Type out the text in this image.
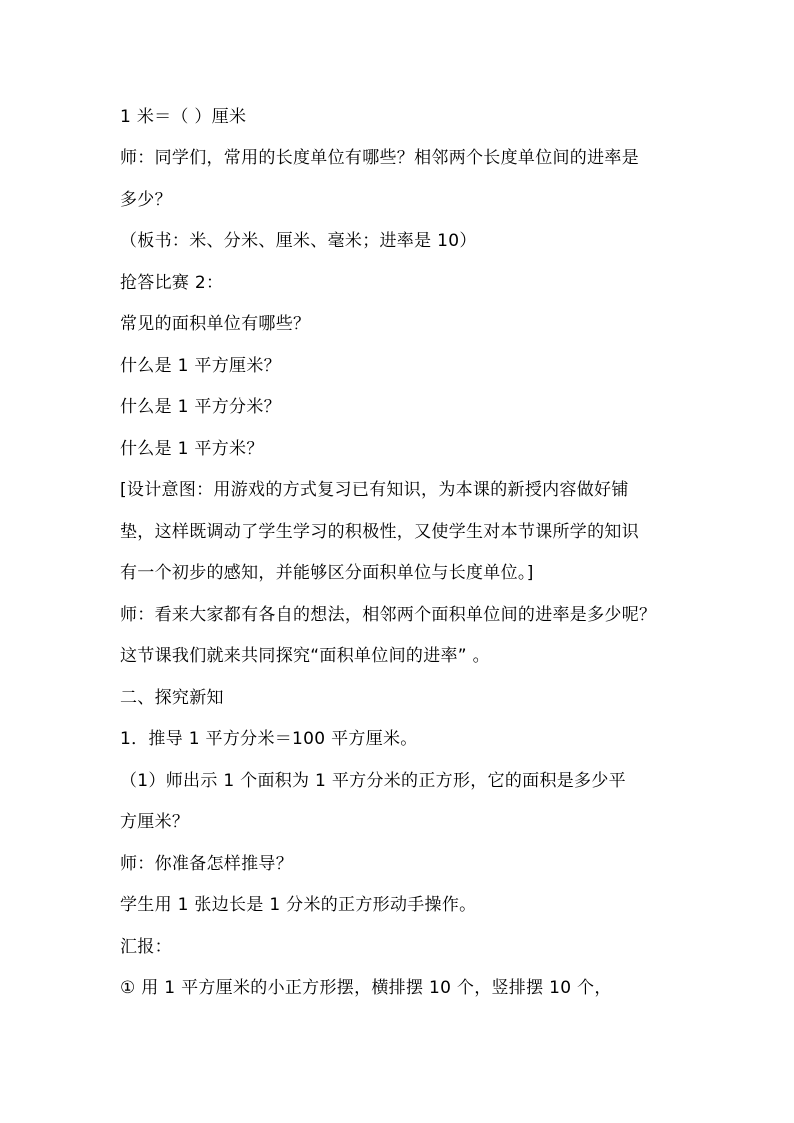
1 米＝（ ）厘米
师：同学们，常用的长度单位有哪些？相邻两个长度单位间的进率是
多少？
（板书：米、分米、厘米、毫米；进率是 10）
抢答比赛 2：
常见的面积单位有哪些？
什么是 1 平方厘米？
什么是 1 平方分米？
什么是 1 平方米？
[设计意图：用游戏的方式复习已有知识，为本课的新授内容做好铺
垫，这样既调动了学生学习的积极性，又使学生对本节课所学的知识
有一个初步的感知，并能够区分面积单位与长度单位。]
师：看来大家都有各自的想法，相邻两个面积单位间的进率是多少呢？
这节课我们就来共同探究“面积单位间的进率” 。
二、探究新知
1．推导 1 平方分米＝100 平方厘米。
（1）师出示 1 个面积为 1 平方分米的正方形，它的面积是多少平
方厘米？
师：你准备怎样推导？
学生用 1 张边长是 1 分米的正方形动手操作。
汇报：
① 用 1 平方厘米的小正方形摆，横排摆 10 个，竖排摆 10 个，
